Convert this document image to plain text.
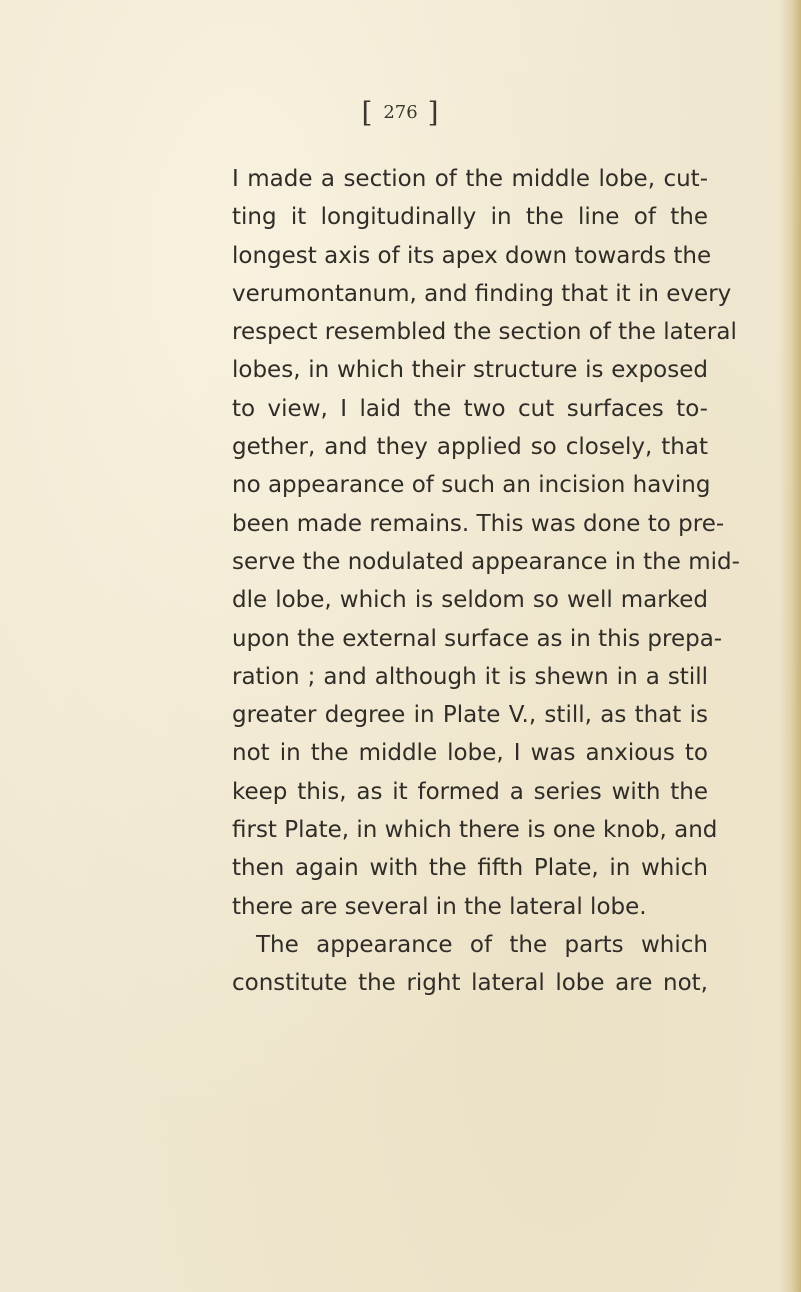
[ 276 ]
I made a section of the middle lobe, cut-
ting it longitudinally in the line of the
longest axis of its apex down towards the
verumontanum, and finding that it in every
respect resembled the section of the lateral
lobes, in which their structure is exposed
to view, I laid the two cut surfaces to-
gether, and they applied so closely, that
no appearance of such an incision having
been made remains. This was done to pre-
serve the nodulated appearance in the mid-
dle lobe, which is seldom so well marked
upon the external surface as in this prepa-
ration ; and although it is shewn in a still
greater degree in Plate V., still, as that is
not in the middle lobe, I was anxious to
keep this, as it formed a series with the
first Plate, in which there is one knob, and
then again with the fifth Plate, in which
there are several in the lateral lobe.
The appearance of the parts which
constitute the right lateral lobe are not,
